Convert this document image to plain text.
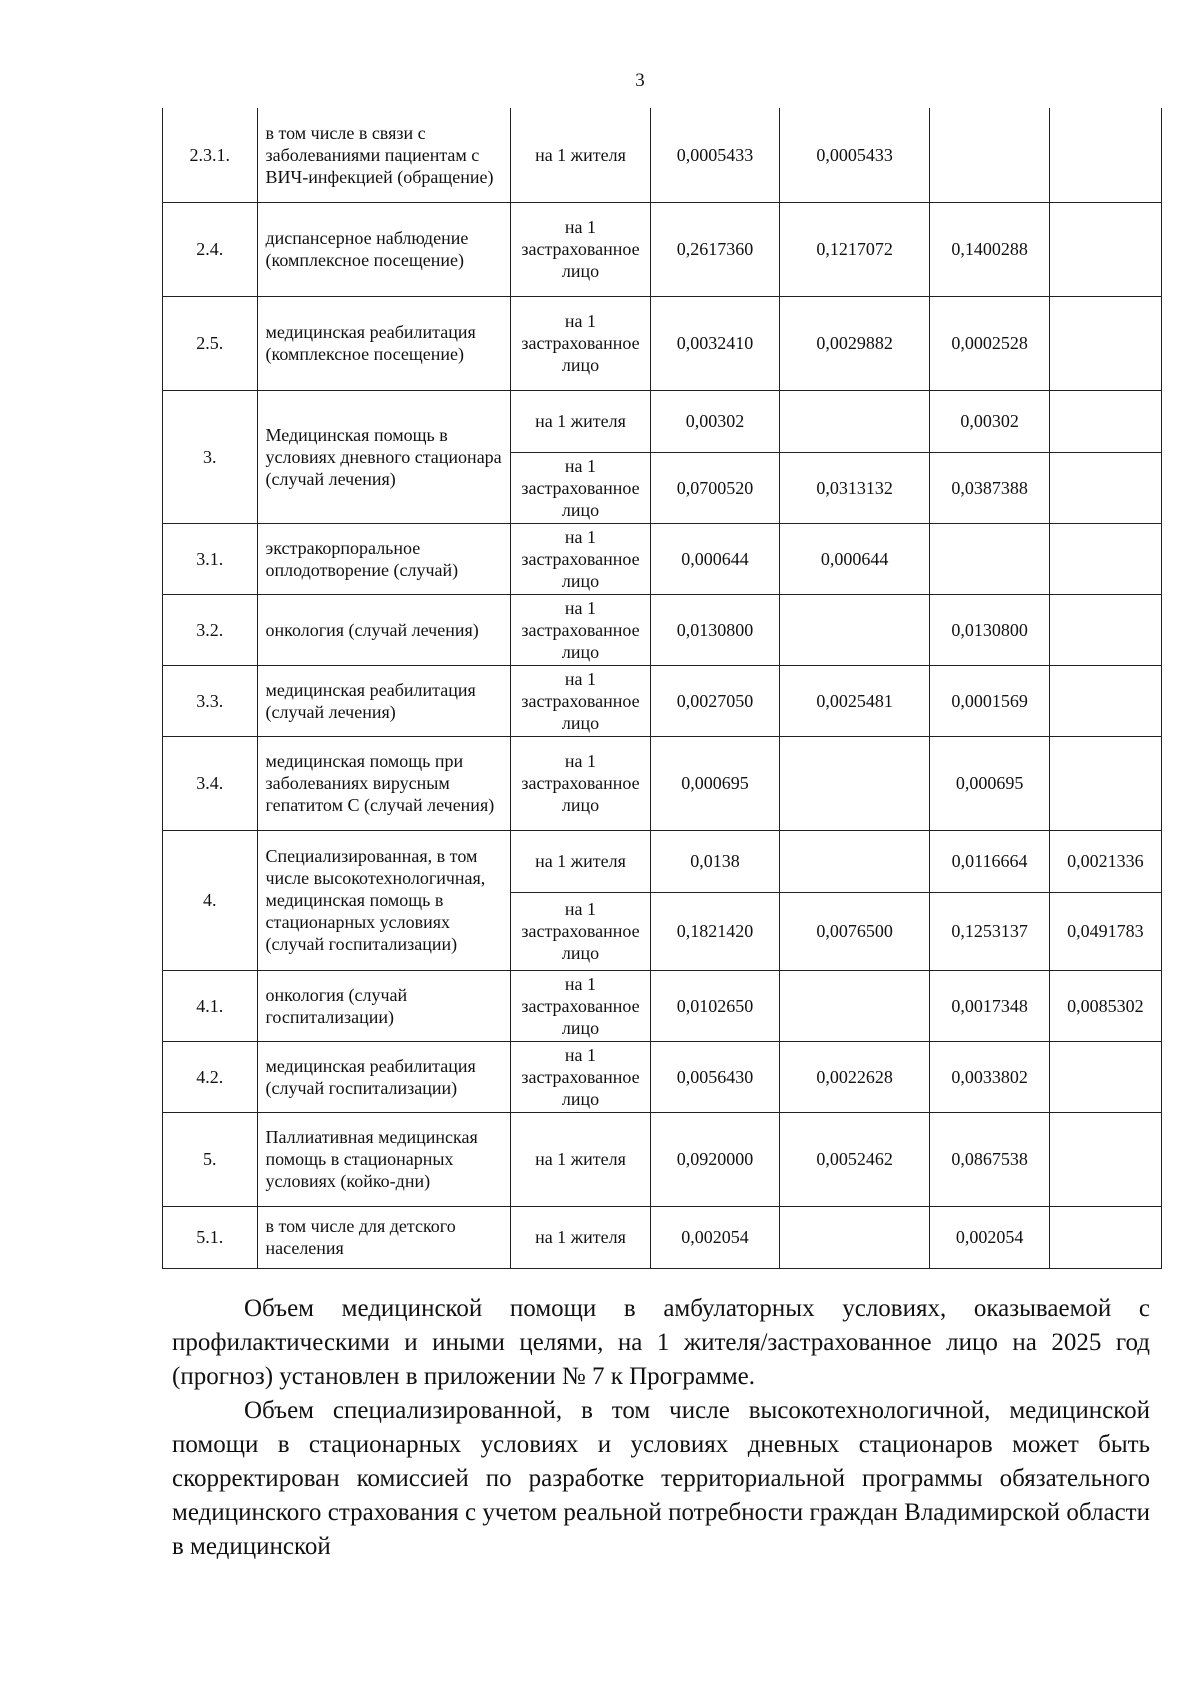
3
2.3.1.	в том числе в связи с заболеваниями пациентам с ВИЧ-инфекцией (обращение)	на 1 жителя	0,0005433	0,0005433		
2.4.	диспансерное наблюдение (комплексное посещение)	на 1 застрахованное лицо	0,2617360	0,1217072	0,1400288	
2.5.	медицинская реабилитация (комплексное посещение)	на 1 застрахованное лицо	0,0032410	0,0029882	0,0002528	
3.	Медицинская помощь в условиях дневного стационара (случай лечения)	на 1 жителя	0,00302		0,00302	
		на 1 застрахованное лицо	0,0700520	0,0313132	0,0387388	
3.1.	экстракорпоральное оплодотворение (случай)	на 1 застрахованное лицо	0,000644	0,000644		
3.2.	онкология (случай лечения)	на 1 застрахованное лицо	0,0130800		0,0130800	
3.3.	медицинская реабилитация (случай лечения)	на 1 застрахованное лицо	0,0027050	0,0025481	0,0001569	
3.4.	медицинская помощь при заболеваниях вирусным гепатитом С (случай лечения)	на 1 застрахованное лицо	0,000695		0,000695	
4.	Специализированная, в том числе высокотехнологичная, медицинская помощь в стационарных условиях (случай госпитализации)	на 1 жителя	0,0138		0,0116664	0,0021336
		на 1 застрахованное лицо	0,1821420	0,0076500	0,1253137	0,0491783
4.1.	онкология (случай госпитализации)	на 1 застрахованное лицо	0,0102650		0,0017348	0,0085302
4.2.	медицинская реабилитация (случай госпитализации)	на 1 застрахованное лицо	0,0056430	0,0022628	0,0033802	
5.	Паллиативная медицинская помощь в стационарных условиях (койко-дни)	на 1 жителя	0,0920000	0,0052462	0,0867538	
5.1.	в том числе для детского населения	на 1 жителя	0,002054		0,002054	

Объем медицинской помощи в амбулаторных условиях, оказываемой с профилактическими и иными целями, на 1 жителя/застрахованное лицо на 2025 год (прогноз) установлен в приложении № 7 к Программе.

Объем специализированной, в том числе высокотехнологичной, медицинской помощи в стационарных условиях и условиях дневных стационаров может быть скорректирован комиссией по разработке территориальной программы обязательного медицинского страхования с учетом реальной потребности граждан Владимирской области в медицинской
